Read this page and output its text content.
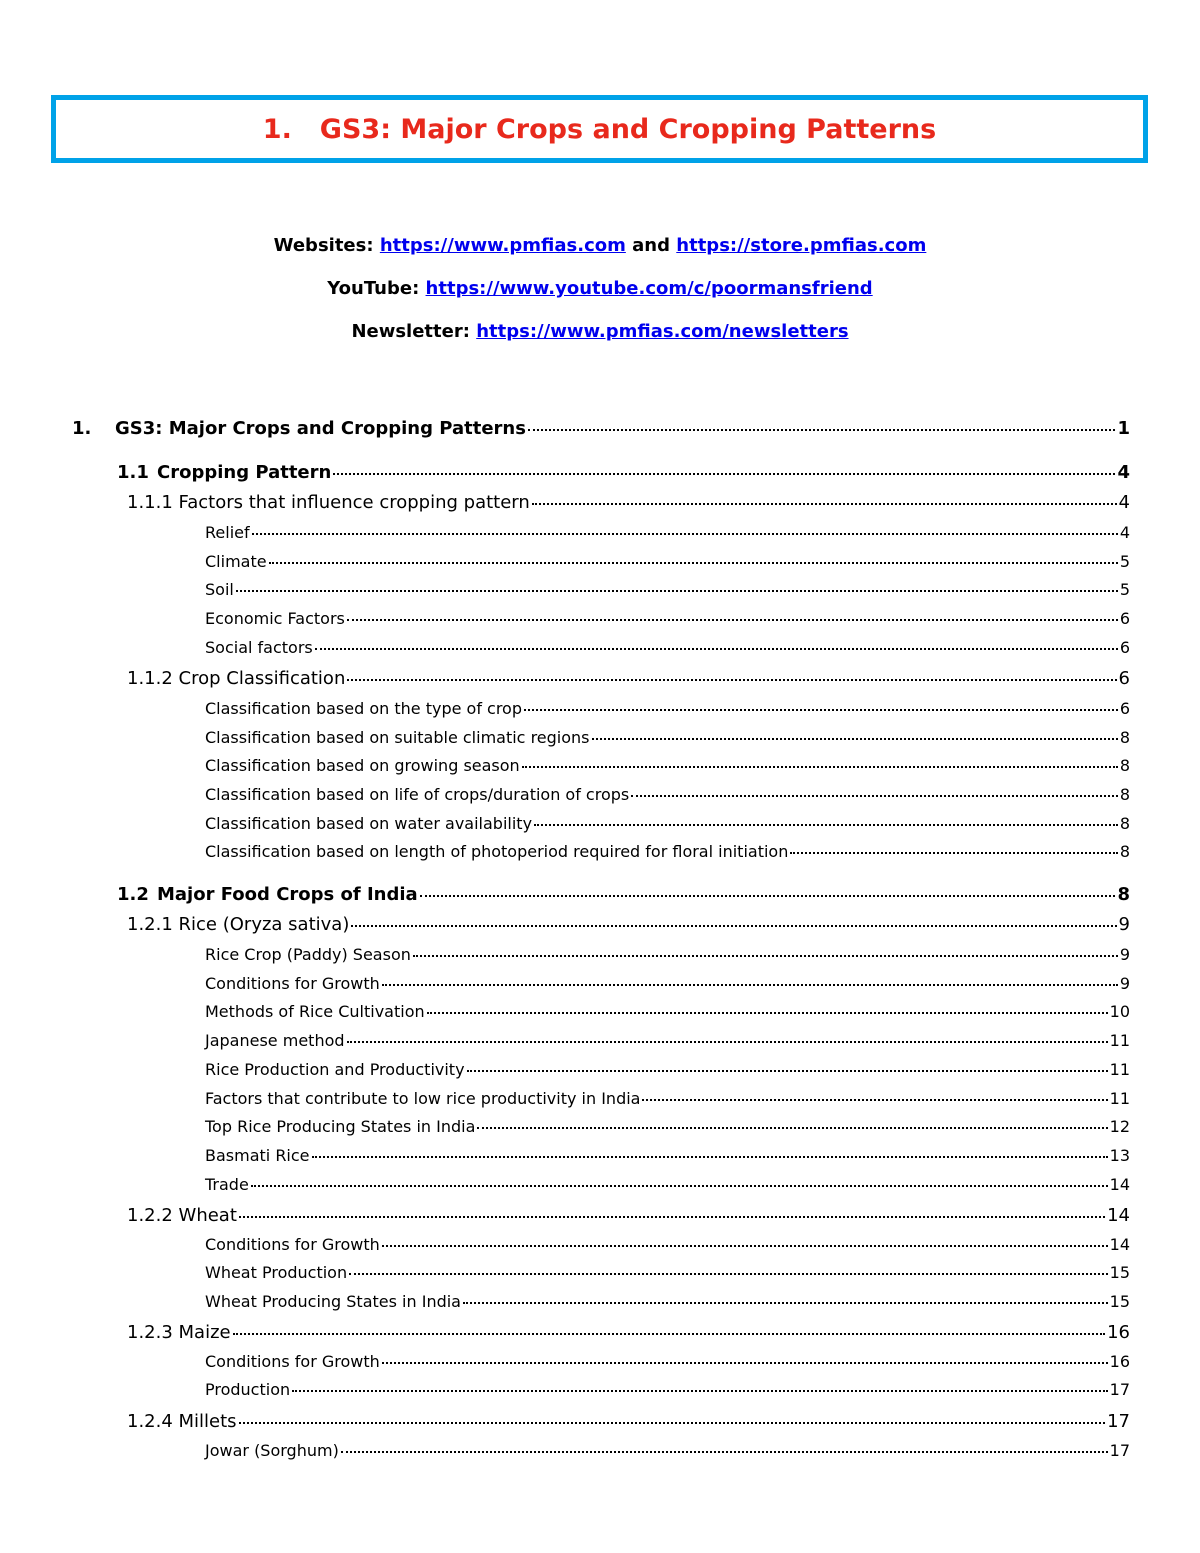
1.	GS3: Major Crops and Cropping Patterns
Websites: https://www.pmfias.com and https://store.pmfias.com
YouTube: https://www.youtube.com/c/poormansfriend
Newsletter: https://www.pmfias.com/newsletters
1. GS3: Major Crops and Cropping Patterns	1
1.1 Cropping Pattern	4
1.1.1 Factors that influence cropping pattern	4
Relief	4
Climate	5
Soil	5
Economic Factors	6
Social factors	6
1.1.2 Crop Classification	6
Classification based on the type of crop	6
Classification based on suitable climatic regions	8
Classification based on growing season	8
Classification based on life of crops/duration of crops	8
Classification based on water availability	8
Classification based on length of photoperiod required for floral initiation	8
1.2 Major Food Crops of India	8
1.2.1 Rice (Oryza sativa)	9
Rice Crop (Paddy) Season	9
Conditions for Growth	9
Methods of Rice Cultivation	10
Japanese method	11
Rice Production and Productivity	11
Factors that contribute to low rice productivity in India	11
Top Rice Producing States in India	12
Basmati Rice	13
Trade	14
1.2.2 Wheat	14
Conditions for Growth	14
Wheat Production	15
Wheat Producing States in India	15
1.2.3 Maize	16
Conditions for Growth	16
Production	17
1.2.4 Millets	17
Jowar (Sorghum)	17
